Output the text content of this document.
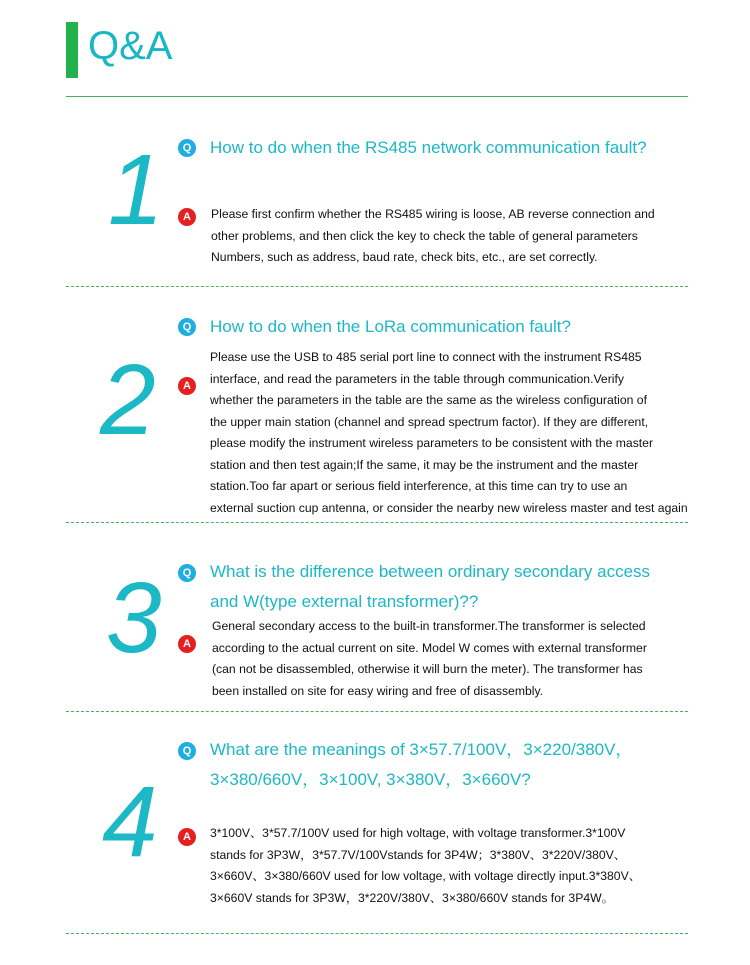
Q&A
1	Q How to do when the RS485 network communication fault?
A	Please first confirm whether the RS485 wiring is loose, AB reverse connection and
other problems, and then click the key to check the table of general parameters
Numbers, such as address, baud rate, check bits, etc., are set correctly.
2
Q How to do when the LoRa communication fault?
A
Please use the USB to 485 serial port line to connect with the instrument RS485
interface, and read the parameters in the table through communication.Verify
whether the parameters in the table are the same as the wireless configuration of
the upper main station (channel and spread spectrum factor). If they are different,
please modify the instrument wireless parameters to be consistent with the master
station and then test again;If the same, it may be the instrument and the master
station.Too far apart or serious field interference, at this time can try to use an
external suction cup antenna, or consider the nearby new wireless master and test again
3	Q What is the difference between ordinary secondary access
and W(type external transformer)??
A
General secondary access to the built-in transformer.The transformer is selected
according to the actual current on site. Model W comes with external transformer
(can not be disassembled, otherwise it will burn the meter). The transformer has
been installed on site for easy wiring and free of disassembly.
4
Q What are the meanings of 3×57.7/100V，3×220/380V，
3×380/660V，3×100V, 3×380V，3×660V?
A	3*100V、3*57.7/100V used for high voltage, with voltage transformer.3*100V
stands for 3P3W，3*57.7V/100Vstands for 3P4W；3*380V、3*220V/380V、
3×660V、3×380/660V used for low voltage, with voltage directly input.3*380V、
3×660V stands for 3P3W，3*220V/380V、3×380/660V stands for 3P4W。
